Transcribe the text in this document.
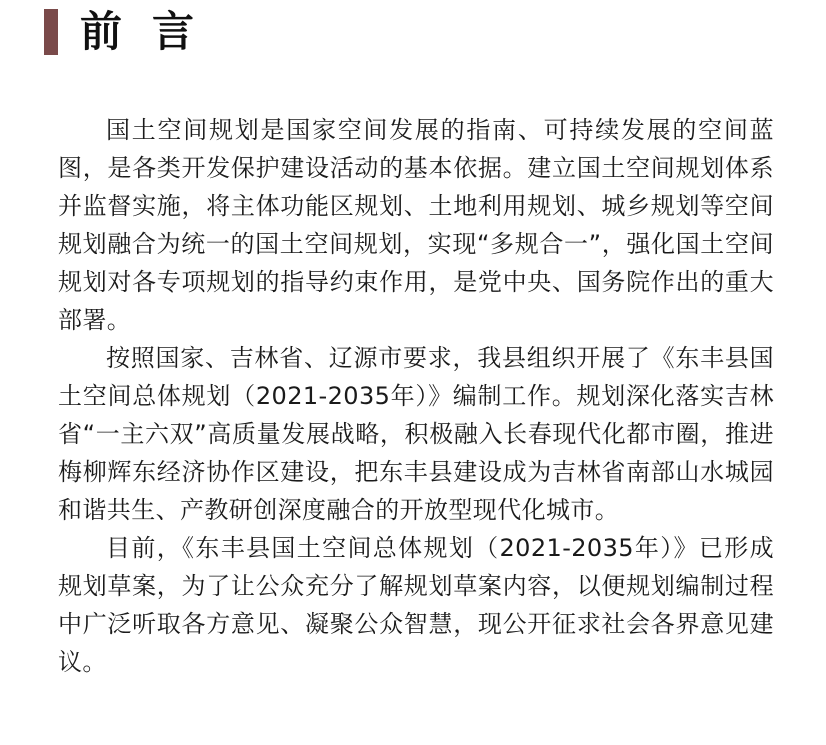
前言

国土空间规划是国家空间发展的指南、可持续发展的空间蓝图，是各类开发保护建设活动的基本依据。建立国土空间规划体系并监督实施，将主体功能区规划、土地利用规划、城乡规划等空间规划融合为统一的国土空间规划，实现“多规合一”，强化国土空间规划对各专项规划的指导约束作用，是党中央、国务院作出的重大部署。

按照国家、吉林省、辽源市要求，我县组织开展了《东丰县国土空间总体规划（2021-2035年）》编制工作。规划深化落实吉林省“一主六双”高质量发展战略，积极融入长春现代化都市圈，推进梅柳辉东经济协作区建设，把东丰县建设成为吉林省南部山水城园和谐共生、产教研创深度融合的开放型现代化城市。

目前，《东丰县国土空间总体规划（2021-2035年）》已形成规划草案，为了让公众充分了解规划草案内容，以便规划编制过程中广泛听取各方意见、凝聚公众智慧，现公开征求社会各界意见建议。
